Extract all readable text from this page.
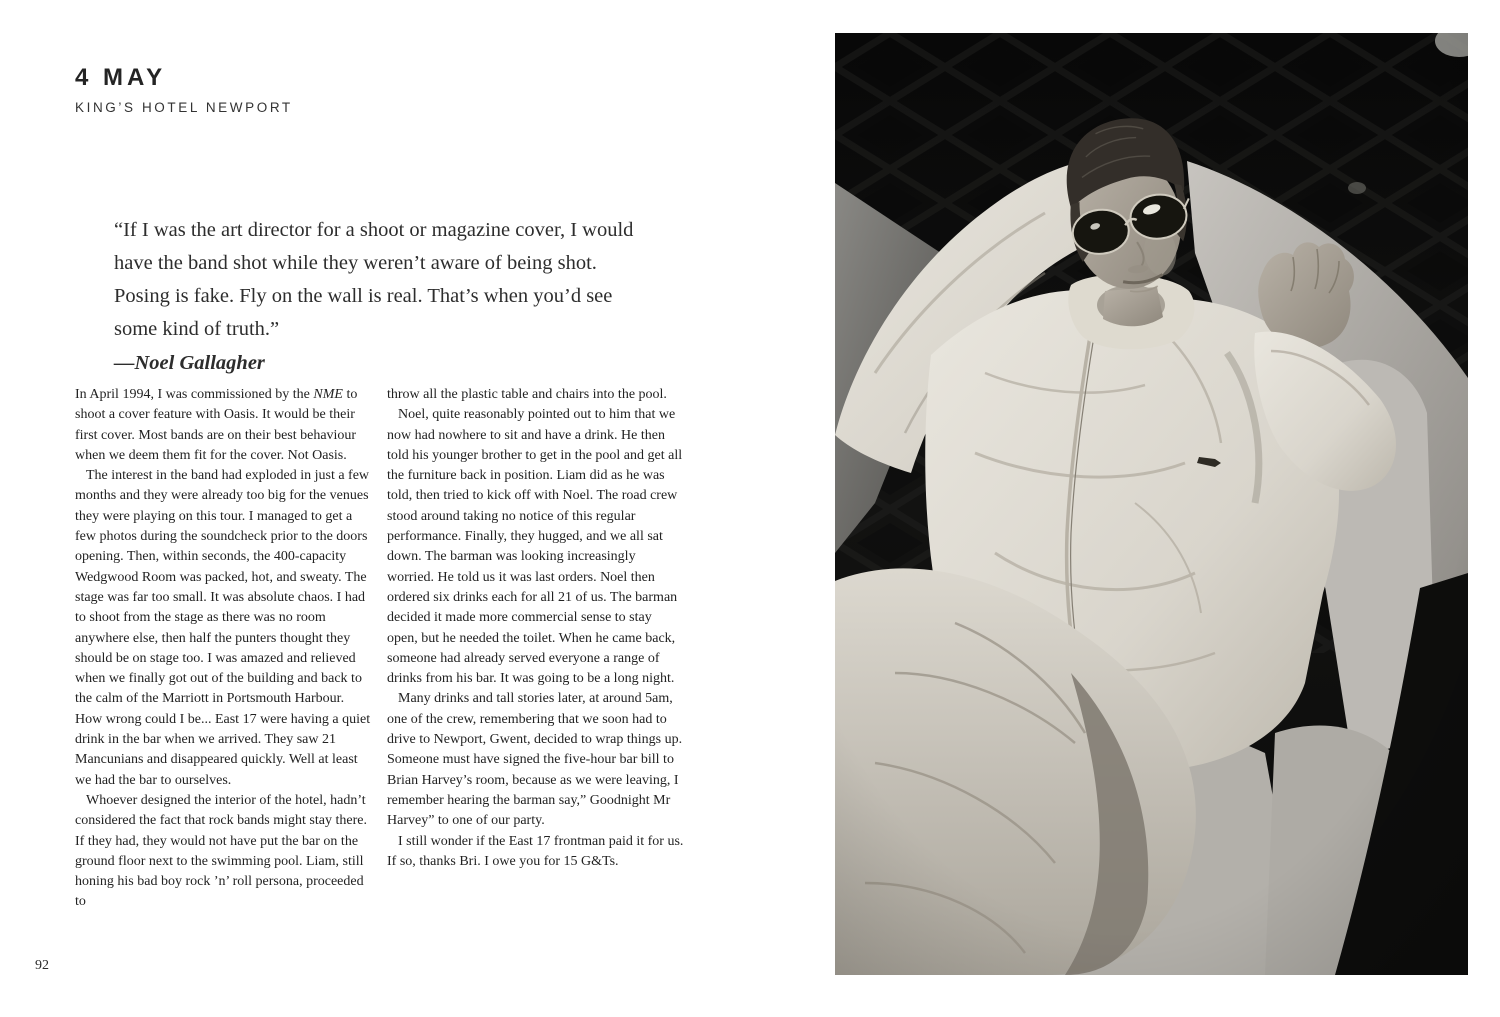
4 MAY
KING’S HOTEL NEWPORT

“If I was the art director for a shoot or magazine cover, I would have the band shot while they weren’t aware of being shot. Posing is fake. Fly on the wall is real. That’s when you’d see some kind of truth.”

—Noel Gallagher

In April 1994, I was commissioned by the NME to shoot a cover feature with Oasis. It would be their first cover. Most bands are on their best behaviour when we deem them fit for the cover. Not Oasis.

The interest in the band had exploded in just a few months and they were already too big for the venues they were playing on this tour. I managed to get a few photos during the soundcheck prior to the doors opening. Then, within seconds, the 400-capacity Wedgwood Room was packed, hot, and sweaty. The stage was far too small. It was absolute chaos. I had to shoot from the stage as there was no room anywhere else, then half the punters thought they should be on stage too. I was amazed and relieved when we finally got out of the building and back to the calm of the Marriott in Portsmouth Harbour. How wrong could I be... East 17 were having a quiet drink in the bar when we arrived. They saw 21 Mancunians and disappeared quickly. Well at least we had the bar to ourselves.

Whoever designed the interior of the hotel, hadn’t considered the fact that rock bands might stay there. If they had, they would not have put the bar on the ground floor next to the swimming pool. Liam, still honing his bad boy rock ’n’ roll persona, proceeded to

throw all the plastic table and chairs into the pool.

Noel, quite reasonably pointed out to him that we now had nowhere to sit and have a drink. He then told his younger brother to get in the pool and get all the furniture back in position. Liam did as he was told, then tried to kick off with Noel. The road crew stood around taking no notice of this regular performance. Finally, they hugged, and we all sat down. The barman was looking increasingly worried. He told us it was last orders. Noel then ordered six drinks each for all 21 of us. The barman decided it made more commercial sense to stay open, but he needed the toilet. When he came back, someone had already served everyone a range of drinks from his bar. It was going to be a long night.

Many drinks and tall stories later, at around 5am, one of the crew, remembering that we soon had to drive to Newport, Gwent, decided to wrap things up. Someone must have signed the five-hour bar bill to Brian Harvey’s room, because as we were leaving, I remember hearing the barman say,” Goodnight Mr Harvey” to one of our party.

I still wonder if the East 17 frontman paid it for us. If so, thanks Bri. I owe you for 15 G&Ts.

92
